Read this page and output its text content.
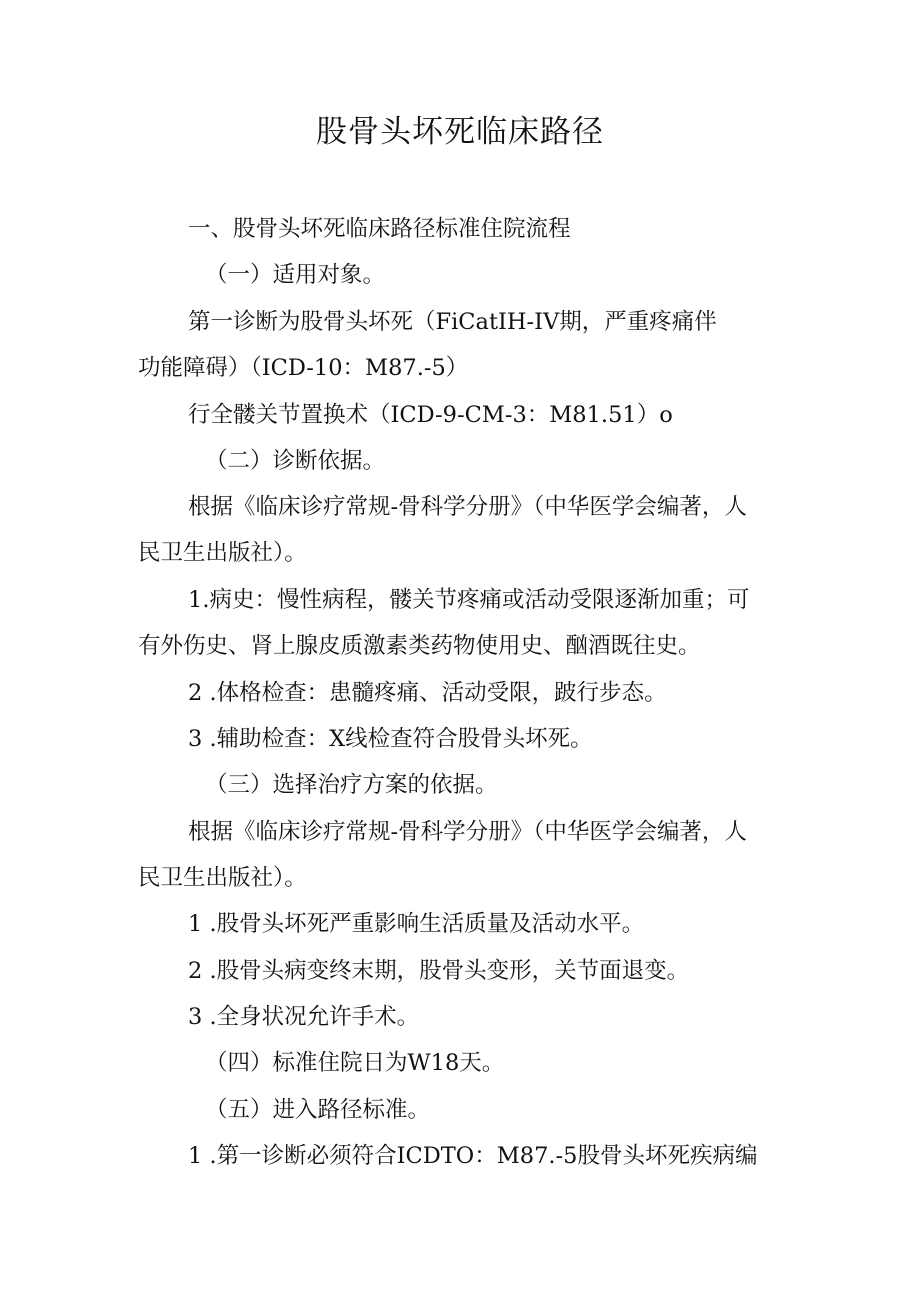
股骨头坏死临床路径
一、股骨头坏死临床路径标准住院流程
（一）适用对象。
第一诊断为股骨头坏死（FiCatIH-IV期，严重疼痛伴
功能障碍）（ICD-10：M87.-5）
行全髅关节置换术（ICD-9-CM-3：M81.51）o
（二）诊断依据。
根据《临床诊疗常规-骨科学分册》（中华医学会编著，人
民卫生出版社）。
1.病史：慢性病程，髅关节疼痛或活动受限逐渐加重；可
有外伤史、肾上腺皮质激素类药物使用史、酗酒既往史。
2 .体格检查：患髓疼痛、活动受限，跛行步态。
3 .辅助检查：X线检查符合股骨头坏死。
（三）选择治疗方案的依据。
根据《临床诊疗常规-骨科学分册》（中华医学会编著，人
民卫生出版社）。
1 .股骨头坏死严重影响生活质量及活动水平。
2 .股骨头病变终末期，股骨头变形，关节面退变。
3 .全身状况允许手术。
（四）标准住院日为W18天。
（五）进入路径标准。
1 .第一诊断必须符合ICDTO：M87.-5股骨头坏死疾病编
